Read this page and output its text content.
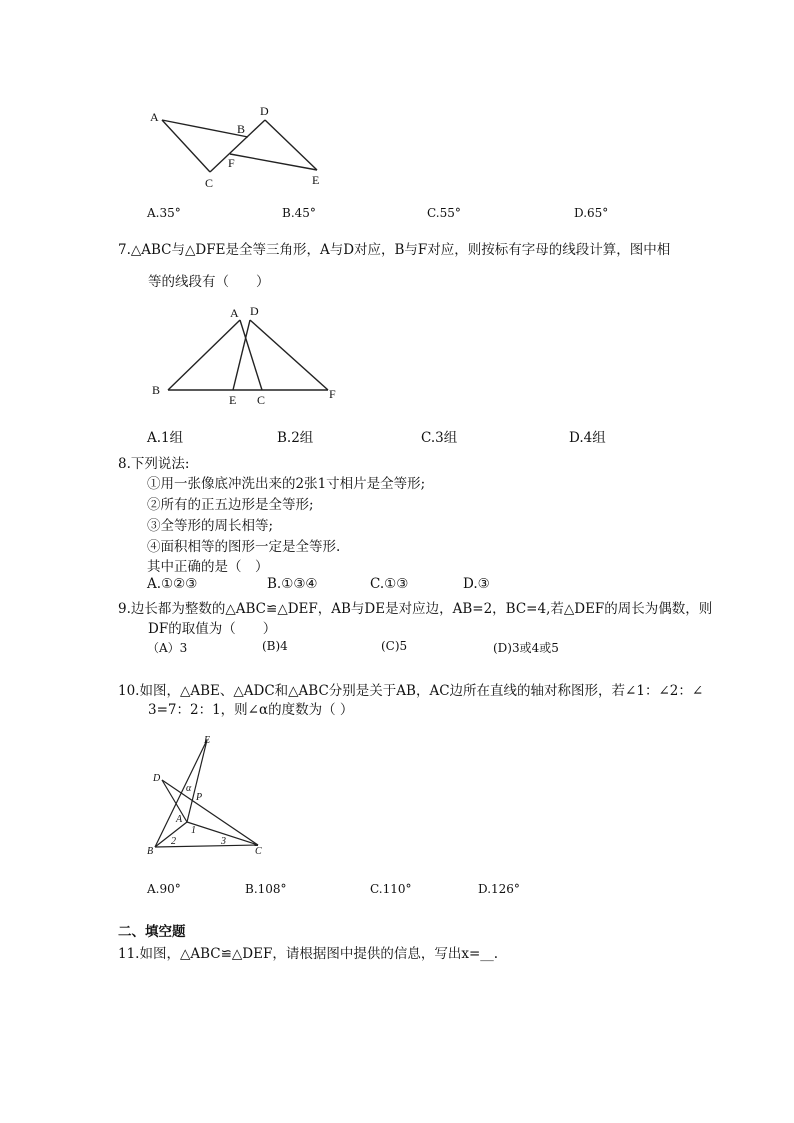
A
B
C
D
E
F
A.35°	B.45°	C.55°	D.65°
7.△ABC与△DFE是全等三角形，A与D对应，B与F对应，则按标有字母的线段计算，图中相
等的线段有（　　）
A D
B
E C	F
A.1组	B.2组	C.3组	D.4组
8.下列说法:
①用一张像底冲洗出来的2张1寸相片是全等形;
②所有的正五边形是全等形;
③全等形的周长相等;
④面积相等的图形一定是全等形.
其中正确的是（　）
A.①②③	B.①③④	C.①③	D.③
9.边长都为整数的△ABC≌△DEF，AB与DE是对应边，AB=2，BC=4,若△DEF的周长为偶数，则
DF的取值为（　　）
（A）3	(B)4	(C)5	(D)3或4或5
10.如图，△ABE、△ADC和△ABC分别是关于AB，AC边所在直线的轴对称图形，若∠1：∠2：∠
3=7：2：1，则∠α的度数为（ ）
E
D
α
P
A
1
2	3
B	C
A.90°	B.108°	C.110°	D.126°
二、填空题
11.如图，△ABC≌△DEF，请根据图中提供的信息，写出x=__.
